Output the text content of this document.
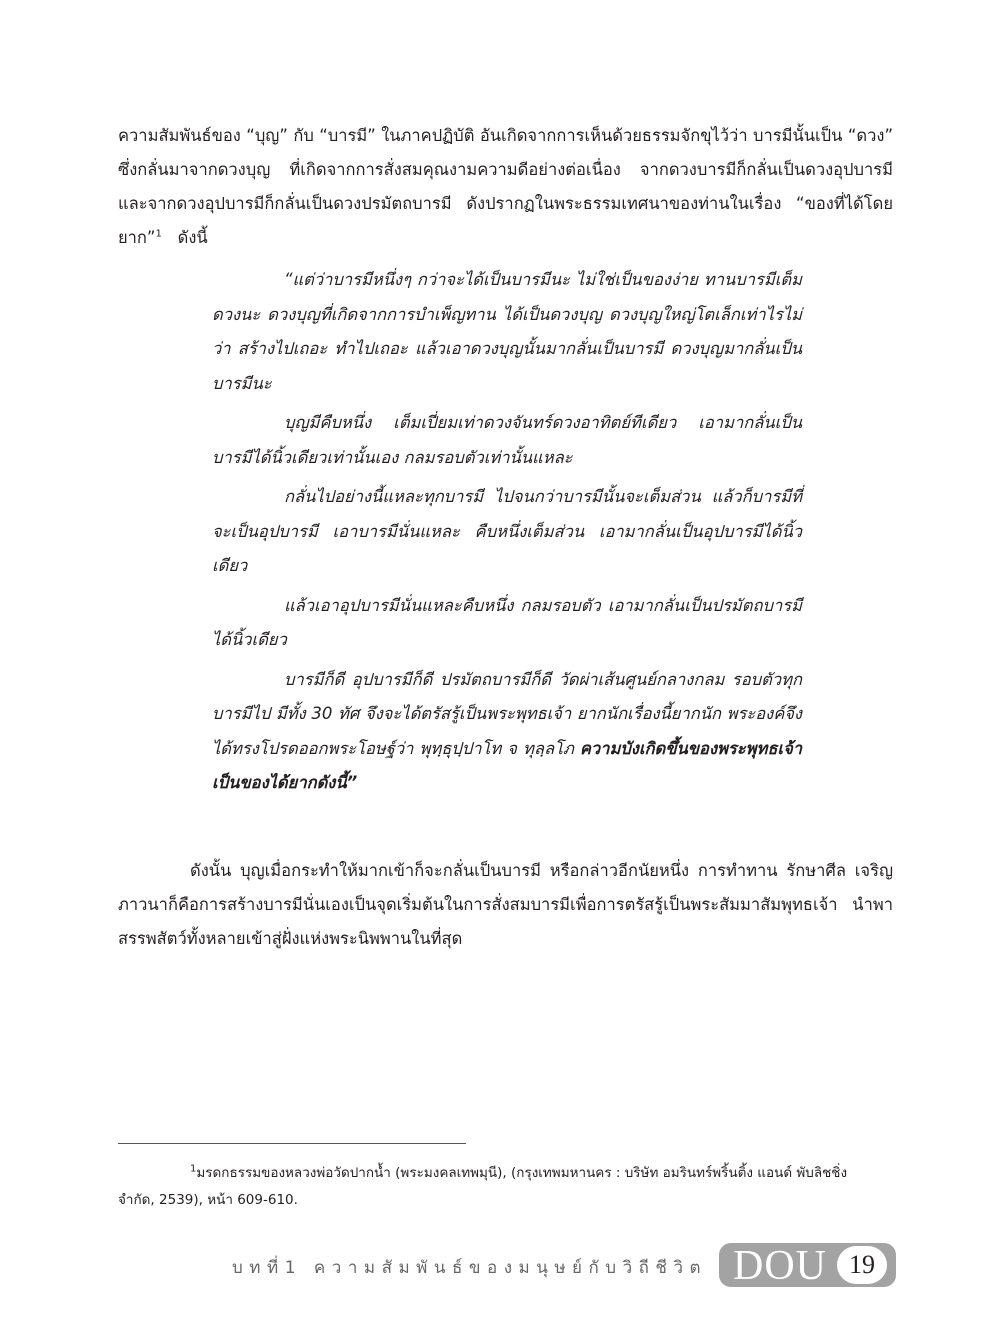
ความสัมพันธ์ของ “บุญ” กับ “บารมี” ในภาคปฏิบัติ อันเกิดจากการเห็นด้วยธรรมจักขุไว้ว่า บารมีนั้นเป็น “ดวง” ซึ่งกลั่นมาจากดวงบุญ ที่เกิดจากการสั่งสมคุณงามความดีอย่างต่อเนื่อง จากดวงบารมีก็กลั่นเป็นดวงอุปบารมี และจากดวงอุปบารมีก็กลั่นเป็นดวงปรมัตถบารมี ดังปรากฏในพระธรรมเทศนาของท่านในเรื่อง “ของที่ได้โดยยาก”$^1$ ดังนี้

“แต่ว่าบารมีหนึ่งๆ กว่าจะได้เป็นบารมีนะ ไม่ใช่เป็นของง่าย ทานบารมีเต็มดวงนะ ดวงบุญที่เกิดจากการบำเพ็ญทาน ได้เป็นดวงบุญ ดวงบุญใหญ่โตเล็กเท่าไรไม่ว่า สร้างไปเถอะ ทำไปเถอะ แล้วเอาดวงบุญนั้นมากลั่นเป็นบารมี ดวงบุญมากลั่นเป็นบารมีนะ

บุญมีคืบหนึ่ง เต็มเปี่ยมเท่าดวงจันทร์ดวงอาทิตย์ทีเดียว เอามากลั่นเป็นบารมีได้นิ้วเดียวเท่านั้นเอง กลมรอบตัวเท่านั้นแหละ

กลั่นไปอย่างนี้แหละทุกบารมี ไปจนกว่าบารมีนั้นจะเต็มส่วน แล้วก็บารมีที่จะเป็นอุปบารมี เอาบารมีนั่นแหละ คืบหนึ่งเต็มส่วน เอามากลั่นเป็นอุปบารมีได้นิ้วเดียว

แล้วเอาอุปบารมีนั่นแหละคืบหนึ่ง กลมรอบตัว เอามากลั่นเป็นปรมัตถบารมีได้นิ้วเดียว

บารมีก็ดี อุปบารมีก็ดี ปรมัตถบารมีก็ดี วัดผ่าเส้นศูนย์กลางกลม รอบตัวทุกบารมีไป มีทั้ง 30 ทัศ จึงจะได้ตรัสรู้เป็นพระพุทธเจ้า ยากนักเรื่องนี้ยากนัก พระองค์จึงได้ทรงโปรดออกพระโอษฐ์ว่า พุทฺธุปฺปาโท จ ทุลฺลโภ ความบังเกิดขึ้นของพระพุทธเจ้าเป็นของได้ยากดังนี้”

ดังนั้น บุญเมื่อกระทำให้มากเข้าก็จะกลั่นเป็นบารมี หรือกล่าวอีกนัยหนึ่ง การทำทาน รักษาศีล เจริญภาวนาก็คือการสร้างบารมีนั่นเองเป็นจุดเริ่มต้นในการสั่งสมบารมีเพื่อการตรัสรู้เป็นพระสัมมาสัมพุทธเจ้า นำพาสรรพสัตว์ทั้งหลายเข้าสู่ฝั่งแห่งพระนิพพานในที่สุด
$^1$มรดกธรรมของหลวงพ่อวัดปากน้ำ (พระมงคลเทพมุนี), (กรุงเทพมหานคร : บริษัท อมรินทร์พริ้นติ้ง แอนด์ พับลิชชิ่ง
จำกัด, 2539), หน้า 609-610.
บทที่1 ความสัมพันธ์ของมนุษย์กับวิถีชีวิต DOU 19
